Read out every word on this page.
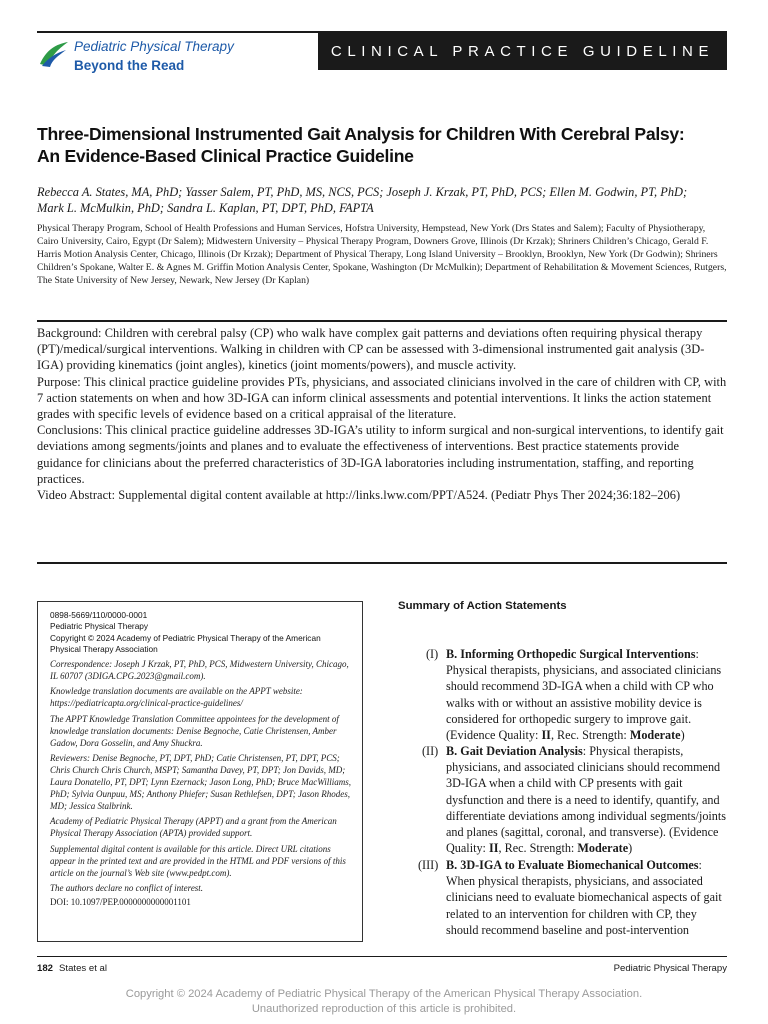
Pediatric Physical Therapy
Beyond the Read
CLINICAL PRACTICE GUIDELINE
Three-Dimensional Instrumented Gait Analysis for Children With Cerebral Palsy:
An Evidence-Based Clinical Practice Guideline
Rebecca A. States, MA, PhD; Yasser Salem, PT, PhD, MS, NCS, PCS; Joseph J. Krzak, PT, PhD, PCS; Ellen M. Godwin, PT, PhD;
Mark L. McMulkin, PhD; Sandra L. Kaplan, PT, DPT, PhD, FAPTA
Physical Therapy Program, School of Health Professions and Human Services, Hofstra University, Hempstead, New York (Drs States and Salem); Faculty of Physiotherapy, Cairo University, Cairo, Egypt (Dr Salem); Midwestern University – Physical Therapy Program, Downers Grove, Illinois (Dr Krzak); Shriners Children’s Chicago, Gerald F. Harris Motion Analysis Center, Chicago, Illinois (Dr Krzak); Department of Physical Therapy, Long Island University – Brooklyn, Brooklyn, New York (Dr Godwin); Shriners Children’s Spokane, Walter E. & Agnes M. Griffin Motion Analysis Center, Spokane, Washington (Dr McMulkin); Department of Rehabilitation & Movement Sciences, Rutgers, The State University of New Jersey, Newark, New Jersey (Dr Kaplan)

Background: Children with cerebral palsy (CP) who walk have complex gait patterns and deviations often requiring physical therapy (PT)/medical/surgical interventions. Walking in children with CP can be assessed with 3-dimensional instrumented gait analysis (3D-IGA) providing kinematics (joint angles), kinetics (joint moments/powers), and muscle activity.

Purpose: This clinical practice guideline provides PTs, physicians, and associated clinicians involved in the care of children with CP, with 7 action statements on when and how 3D-IGA can inform clinical assessments and potential interventions. It links the action statement grades with specific levels of evidence based on a critical appraisal of the literature.

Conclusions: This clinical practice guideline addresses 3D-IGA’s utility to inform surgical and non-surgical interventions, to identify gait deviations among segments/joints and planes and to evaluate the effectiveness of interventions. Best practice statements provide guidance for clinicians about the preferred characteristics of 3D-IGA laboratories including instrumentation, staffing, and reporting practices.

Video Abstract: Supplemental digital content available at http://links.lww.com/PPT/A524. (Pediatr Phys Ther 2024;36:182–206)

0898-5669/110/0000-0001
Pediatric Physical Therapy
Copyright © 2024 Academy of Pediatric Physical Therapy of the American Physical Therapy Association
Correspondence: Joseph J Krzak, PT, PhD, PCS, Midwestern University, Chicago, IL 60707 (3DIGA.CPG.2023@gmail.com).
Knowledge translation documents are available on the APPT website: https://pediatricapta.org/clinical-practice-guidelines/
The APPT Knowledge Translation Committee appointees for the development of knowledge translation documents: Denise Begnoche, Catie Christensen, Amber Gadow, Dora Gosselin, and Amy Shuckra.
Reviewers: Denise Begnoche, PT, DPT, PhD; Catie Christensen, PT, DPT, PCS; Chris Church Chris Church, MSPT; Samantha Davey, PT, DPT; Jon Davids, MD; Laura Donatello, PT, DPT; Lynn Ezernack; Jason Long, PhD; Bruce MacWilliams, PhD; Sylvia Ounpuu, MS; Anthony Phiefer; Susan Rethlefsen, DPT; Jason Rhodes, MD; Jessica Stalbrink.
Academy of Pediatric Physical Therapy (APPT) and a grant from the American Physical Therapy Association (APTA) provided support.
Supplemental digital content is available for this article. Direct URL citations appear in the printed text and are provided in the HTML and PDF versions of this article on the journal’s Web site (www.pedpt.com).
The authors declare no conflict of interest.
DOI: 10.1097/PEP.0000000000001101
Summary of Action Statements
(I) B. Informing Orthopedic Surgical Interventions: Physical therapists, physicians, and associated clinicians should recommend 3D-IGA when a child with CP who walks with or without an assistive mobility device is considered for orthopedic surgery to improve gait. (Evidence Quality: II, Rec. Strength: Moderate)
(II) B. Gait Deviation Analysis: Physical therapists, physicians, and associated clinicians should recommend 3D-IGA when a child with CP presents with gait dysfunction and there is a need to identify, quantify, and differentiate deviations among individual segments/joints and planes (sagittal, coronal, and transverse). (Evidence Quality: II, Rec. Strength: Moderate)
(III) B. 3D-IGA to Evaluate Biomechanical Outcomes: When physical therapists, physicians, and associated clinicians need to evaluate biomechanical aspects of gait related to an intervention for children with CP, they should recommend baseline and post-intervention
182 States et al	Pediatric Physical Therapy
Copyright © 2024 Academy of Pediatric Physical Therapy of the American Physical Therapy Association.
Unauthorized reproduction of this article is prohibited.
